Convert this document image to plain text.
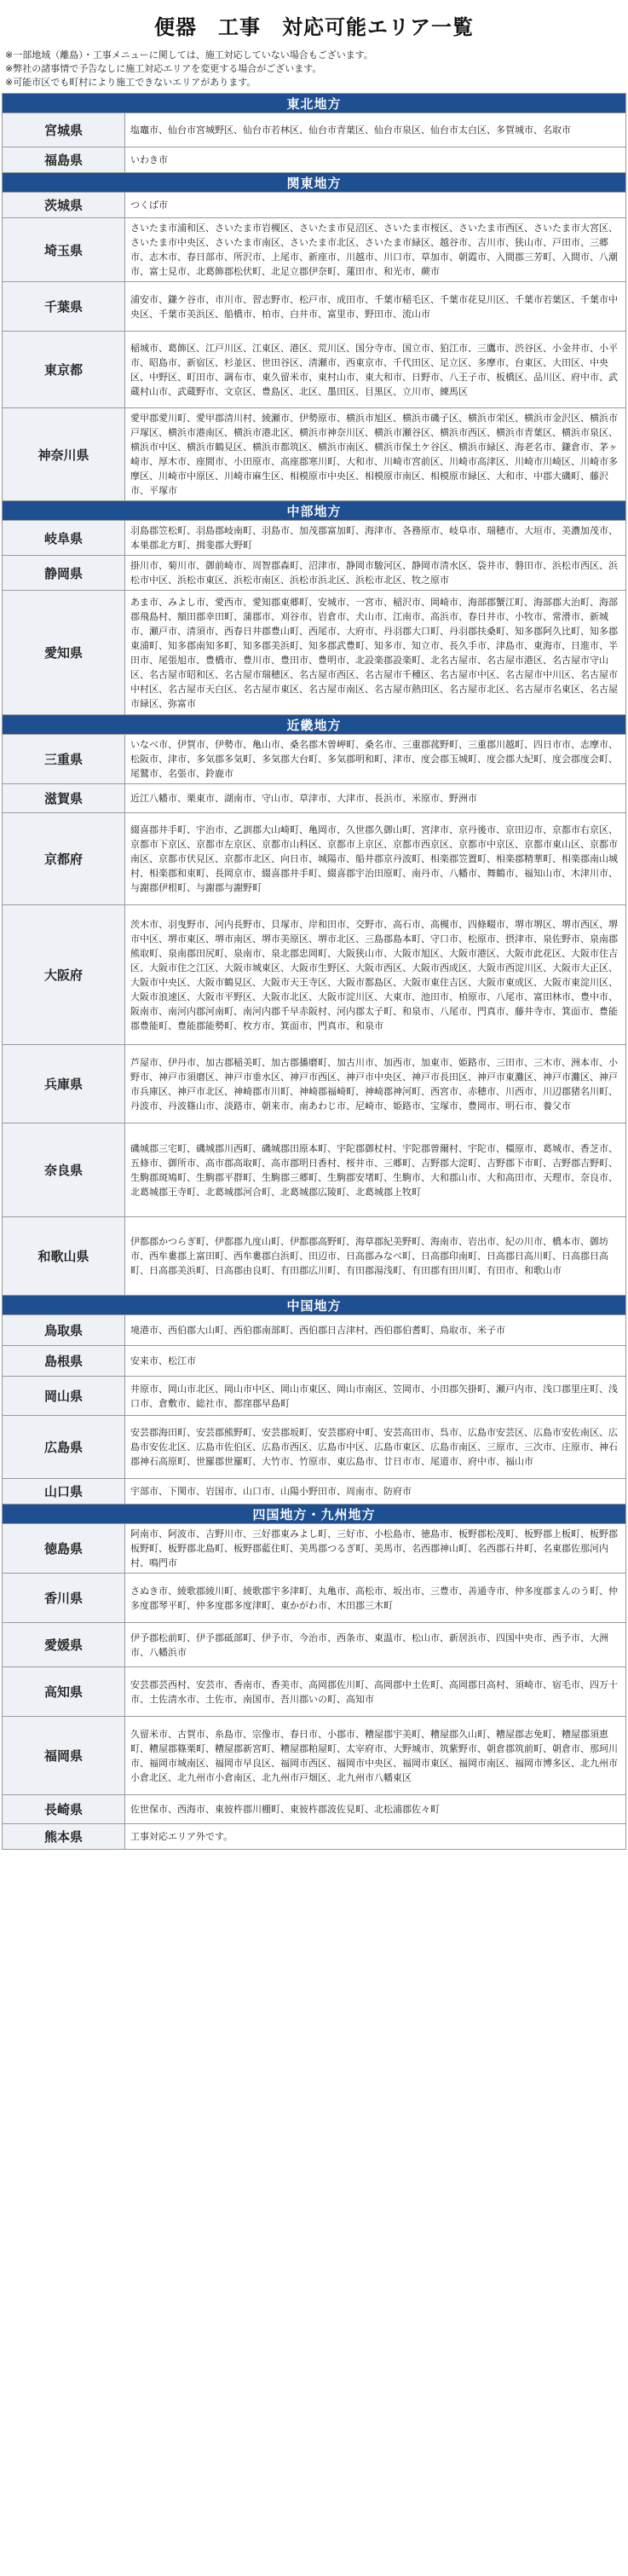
便器　工事　対応可能エリア一覧
※一部地域（離島）・工事メニューに関しては、施工対応していない場合もございます。
※弊社の諸事情で予告なしに施工対応エリアを変更する場合がございます。
※可能市区でも町村により施工できないエリアがあります。
東北地方	
宮城県	塩竈市、仙台市宮城野区、仙台市若林区、仙台市青葉区、仙台市泉区、仙台市太白区、多賀城市、名取市
福島県	いわき市
関東地方	
茨城県	つくば市
埼玉県	さいたま市浦和区、さいたま市岩槻区、さいたま市見沼区、さいたま市桜区、さいたま市西区、さいたま市大宮区、さいたま市中央区、さいたま市南区、さいたま市北区、さいたま市緑区、越谷市、吉川市、狭山市、戸田市、三郷市、志木市、春日部市、所沢市、上尾市、新座市、川越市、川口市、草加市、朝霞市、入間郡三芳町、入間市、八潮市、富士見市、北葛飾郡松伏町、北足立郡伊奈町、蓮田市、和光市、蕨市
千葉県	浦安市、鎌ケ谷市、市川市、習志野市、松戸市、成田市、千葉市稲毛区、千葉市花見川区、千葉市若葉区、千葉市中央区、千葉市美浜区、船橋市、柏市、白井市、富里市、野田市、流山市
東京都	稲城市、葛飾区、江戸川区、江東区、港区、荒川区、国分寺市、国立市、狛江市、三鷹市、渋谷区、小金井市、小平市、昭島市、新宿区、杉並区、世田谷区、清瀬市、西東京市、千代田区、足立区、多摩市、台東区、大田区、中央区、中野区、町田市、調布市、東久留米市、東村山市、東大和市、日野市、八王子市、板橋区、品川区、府中市、武蔵村山市、武蔵野市、文京区、豊島区、北区、墨田区、目黒区、立川市、練馬区
神奈川県	愛甲郡愛川町、愛甲郡清川村、綾瀬市、伊勢原市、横浜市旭区、横浜市磯子区、横浜市栄区、横浜市金沢区、横浜市戸塚区、横浜市港南区、横浜市港北区、横浜市神奈川区、横浜市瀬谷区、横浜市西区、横浜市青葉区、横浜市泉区、横浜市中区、横浜市鶴見区、横浜市都筑区、横浜市南区、横浜市保土ケ谷区、横浜市緑区、海老名市、鎌倉市、茅ヶ崎市、厚木市、座間市、小田原市、高座郡寒川町、大和市、川崎市宮前区、川崎市高津区、川崎市川崎区、川崎市多摩区、川崎市中原区、川崎市麻生区、相模原市中央区、相模原市南区、相模原市緑区、大和市、中郡大磯町、藤沢市、平塚市
中部地方	
岐阜県	羽島郡笠松町、羽島郡岐南町、羽島市、加茂郡富加町、海津市、各務原市、岐阜市、瑞穂市、大垣市、美濃加茂市、本巣郡北方町、揖斐郡大野町
静岡県	掛川市、菊川市、御前崎市、周智郡森町、沼津市、静岡市駿河区、静岡市清水区、袋井市、磐田市、浜松市西区、浜松市中区、浜松市東区、浜松市南区、浜松市浜北区、浜松市北区、牧之原市
愛知県	あま市、みよし市、愛西市、愛知郡東郷町、安城市、一宮市、稲沢市、岡崎市、海部郡蟹江町、海部郡大治町、海部郡飛島村、額田郡幸田町、蒲郡市、刈谷市、岩倉市、犬山市、江南市、高浜市、春日井市、小牧市、常滑市、新城市、瀬戸市、清須市、西春日井郡豊山町、西尾市、大府市、丹羽郡大口町、丹羽郡扶桑町、知多郡阿久比町、知多郡東浦町、知多郡南知多町、知多郡美浜町、知多郡武豊町、知多市、知立市、長久手市、津島市、東海市、日進市、半田市、尾張旭市、豊橋市、豊川市、豊田市、豊明市、北設楽郡設楽町、北名古屋市、名古屋市港区、名古屋市守山区、名古屋市昭和区、名古屋市瑞穂区、名古屋市西区、名古屋市千種区、名古屋市中区、名古屋市中川区、名古屋市中村区、名古屋市天白区、名古屋市東区、名古屋市南区、名古屋市熱田区、名古屋市北区、名古屋市名東区、名古屋市緑区、弥富市
近畿地方	
三重県	いなべ市、伊賀市、伊勢市、亀山市、桑名郡木曽岬町、桑名市、三重郡菰野町、三重郡川越町、四日市市、志摩市、松阪市、津市、多気郡多気町、多気郡大台町、多気郡明和町、津市、度会郡玉城町、度会郡大紀町、度会郡度会町、尾鷲市、名張市、鈴鹿市
滋賀県	近江八幡市、栗東市、湖南市、守山市、草津市、大津市、長浜市、米原市、野洲市
京都府	綴喜郡井手町、宇治市、乙訓郡大山崎町、亀岡市、久世郡久御山町、宮津市、京丹後市、京田辺市、京都市右京区、京都市下京区、京都市左京区、京都市山科区、京都市上京区、京都市西京区、京都市中京区、京都市東山区、京都市南区、京都市伏見区、京都市北区、向日市、城陽市、船井郡京丹波町、相楽郡笠置町、相楽郡精華町、相楽郡南山城村、相楽郡和束町、長岡京市、綴喜郡井手町、綴喜郡宇治田原町、南丹市、八幡市、舞鶴市、福知山市、木津川市、与謝郡伊根町、与謝郡与謝野町
大阪府	茨木市、羽曳野市、河内長野市、貝塚市、岸和田市、交野市、高石市、高槻市、四條畷市、堺市堺区、堺市西区、堺市中区、堺市東区、堺市南区、堺市美原区、堺市北区、三島郡島本町、守口市、松原市、摂津市、泉佐野市、泉南郡熊取町、泉南郡田尻町、泉南市、泉北郡忠岡町、大阪狭山市、大阪市旭区、大阪市港区、大阪市此花区、大阪市住吉区、大阪市住之江区、大阪市城東区、大阪市生野区、大阪市西区、大阪市西成区、大阪市西淀川区、大阪市大正区、大阪市中央区、大阪市鶴見区、大阪市天王寺区、大阪市都島区、大阪市東住吉区、大阪市東成区、大阪市東淀川区、大阪市浪速区、大阪市平野区、大阪市北区、大阪市淀川区、大東市、池田市、柏原市、八尾市、富田林市、豊中市、阪南市、南河内郡河南町、南河内郡千早赤阪村、河内郡太子町、和泉市、八尾市、門真市、藤井寺市、箕面市、豊能郡豊能町、豊能郡能勢町、枚方市、箕面市、門真市、和泉市
兵庫県	芦屋市、伊丹市、加古郡稲美町、加古郡播磨町、加古川市、加西市、加東市、姫路市、三田市、三木市、洲本市、小野市、神戸市須磨区、神戸市垂水区、神戸市西区、神戸市中央区、神戸市長田区、神戸市東灘区、神戸市灘区、神戸市兵庫区、神戸市北区、神崎郡市川町、神崎郡福崎町、神崎郡神河町、西宮市、赤穂市、川西市、川辺郡猪名川町、丹波市、丹波篠山市、淡路市、朝来市、南あわじ市、尼崎市、姫路市、宝塚市、豊岡市、明石市、養父市
奈良県	磯城郡三宅町、磯城郡川西町、磯城郡田原本町、宇陀郡御杖村、宇陀郡曽爾村、宇陀市、橿原市、葛城市、香芝市、五條市、御所市、高市郡高取町、高市郡明日香村、桜井市、三郷町、吉野郡大淀町、吉野郡下市町、吉野郡吉野町、生駒郡斑鳩町、生駒郡平群町、生駒郡三郷町、生駒郡安堵町、生駒市、大和郡山市、大和高田市、天理市、奈良市、北葛城郡王寺町、北葛城郡河合町、北葛城郡広陵町、北葛城郡上牧町
和歌山県	伊都郡かつらぎ町、伊都郡九度山町、伊都郡高野町、海草郡紀美野町、海南市、岩出市、紀の川市、橋本市、御坊市、西牟婁郡上富田町、西牟婁郡白浜町、田辺市、日高郡みなべ町、日高郡印南町、日高郡日高川町、日高郡日高町、日高郡美浜町、日高郡由良町、有田郡広川町、有田郡湯浅町、有田郡有田川町、有田市、和歌山市
中国地方	
鳥取県	境港市、西伯郡大山町、西伯郡南部町、西伯郡日吉津村、西伯郡伯耆町、鳥取市、米子市
島根県	安来市、松江市
岡山県	井原市、岡山市北区、岡山市中区、岡山市東区、岡山市南区、笠岡市、小田郡矢掛町、瀬戸内市、浅口郡里庄町、浅口市、倉敷市、総社市、都窪郡早島町
広島県	安芸郡海田町、安芸郡熊野町、安芸郡坂町、安芸郡府中町、安芸高田市、呉市、広島市安芸区、広島市安佐南区、広島市安佐北区、広島市佐伯区、広島市西区、広島市中区、広島市東区、広島市南区、三原市、三次市、庄原市、神石郡神石高原町、世羅郡世羅町、大竹市、竹原市、東広島市、廿日市市、尾道市、府中市、福山市
山口県	宇部市、下関市、岩国市、山口市、山陽小野田市、周南市、防府市
四国地方・九州地方	
徳島県	阿南市、阿波市、吉野川市、三好郡東みよし町、三好市、小松島市、徳島市、板野郡松茂町、板野郡上板町、板野郡板野町、板野郡北島町、板野郡藍住町、美馬郡つるぎ町、美馬市、名西郡神山町、名西郡石井町、名東郡佐那河内村、鳴門市
香川県	さぬき市、綾歌郡綾川町、綾歌郡宇多津町、丸亀市、高松市、坂出市、三豊市、善通寺市、仲多度郡まんのう町、仲多度郡琴平町、仲多度郡多度津町、東かがわ市、木田郡三木町
愛媛県	伊予郡松前町、伊予郡砥部町、伊予市、今治市、西条市、東温市、松山市、新居浜市、四国中央市、西予市、大洲市、八幡浜市
高知県	安芸郡芸西村、安芸市、香南市、香美市、高岡郡佐川町、高岡郡中土佐町、高岡郡日高村、須崎市、宿毛市、四万十市、土佐清水市、土佐市、南国市、吾川郡いの町、高知市
福岡県	久留米市、古賀市、糸島市、宗像市、春日市、小郡市、糟屋郡宇美町、糟屋郡久山町、糟屋郡志免町、糟屋郡須恵町、糟屋郡篠栗町、糟屋郡新宮町、糟屋郡粕屋町、太宰府市、大野城市、筑紫野市、朝倉郡筑前町、朝倉市、那珂川市、福岡市城南区、福岡市早良区、福岡市西区、福岡市中央区、福岡市東区、福岡市南区、福岡市博多区、北九州市小倉北区、北九州市小倉南区、北九州市戸畑区、北九州市八幡東区
長崎県	佐世保市、西海市、東彼杵郡川棚町、東彼杵郡波佐見町、北松浦郡佐々町
熊本県	工事対応エリア外です。
